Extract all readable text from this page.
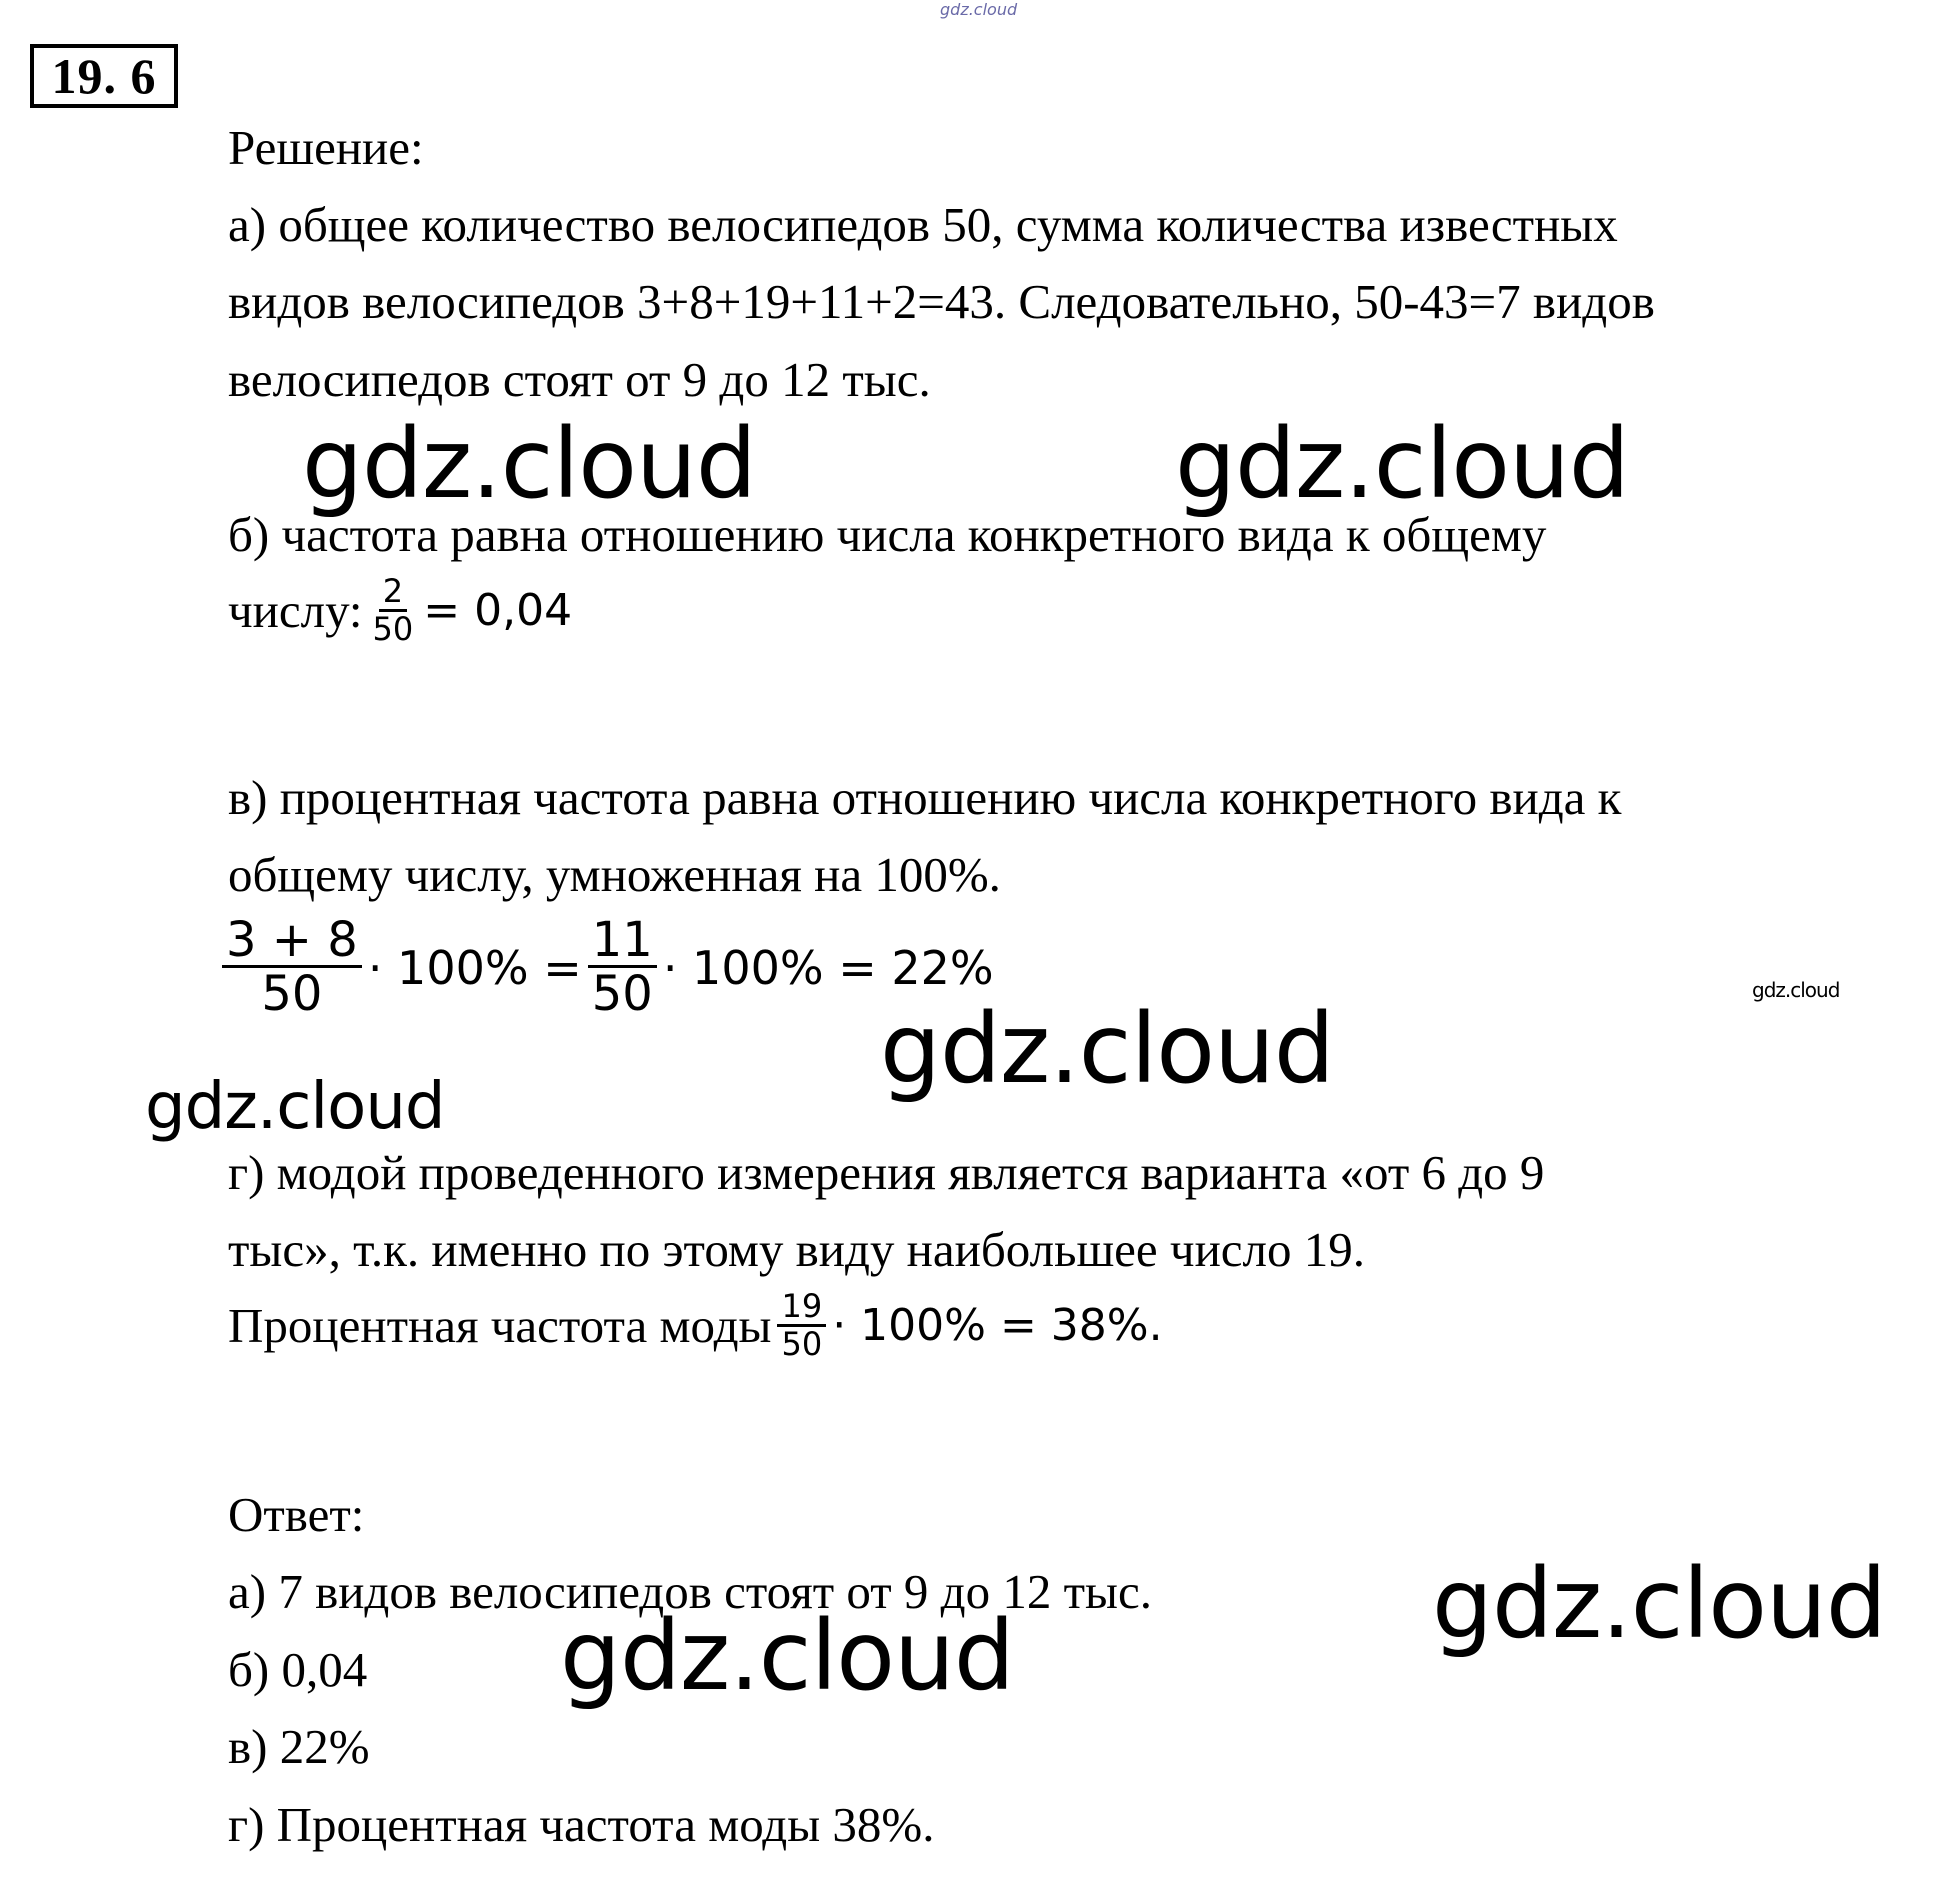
gdz.cloud
19. 6
Решение:
а) общее количество велосипедов 50, сумма количества известных
видов велосипедов 3+8+19+11+2=43. Следовательно, 50-43=7 видов
велосипедов стоят от 9 до 12 тыс.
б) частота равна отношению числа конкретного вида к общему
числу: $\frac{2}{50} = 0,04$
в) процентная частота равна отношению числа конкретного вида к
общему числу, умноженная на 100%.
$\frac{3 + 8}{50} \cdot 100\% = \frac{11}{50} \cdot 100\% = 22\%$
г) модой проведенного измерения является варианта «от 6 до 9
тыс», т.к. именно по этому виду наибольшее число 19.
Процентная частота моды $\frac{19}{50} \cdot 100\% = 38\%$.
Ответ:
а) 7 видов велосипедов стоят от 9 до 12 тыс.
б) 0,04
в) 22%
г) Процентная частота моды 38%.
gdz.cloud	gdz.cloud
gdz.cloud
gdz.cloud
gdz.cloud
gdz.cloud
gdz.cloud
